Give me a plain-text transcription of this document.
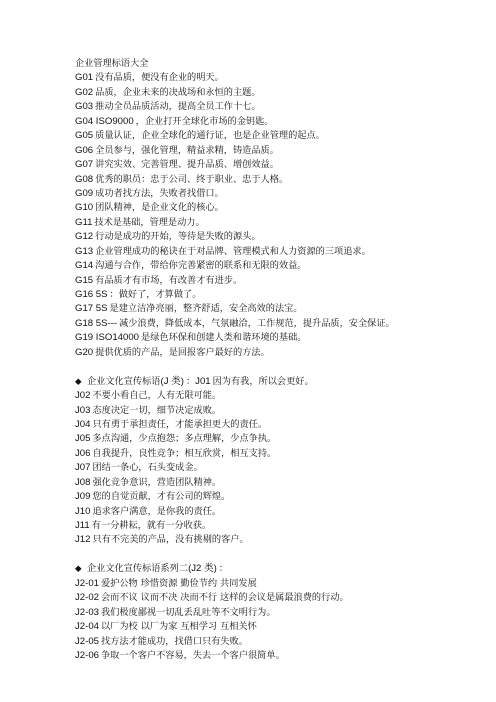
企业管理标语大全
G01 没有品质，便没有企业的明天。
G02 品质，企业未来的决战场和永恒的主题。
G03 推动全员品质活动，提高全员工作十七。
G04 ISO9000 ，企业打开全球化市场的金钥匙。
G05 质量认证，企业全球化的通行证，也是企业管理的起点。
G06 全员参与，强化管理，精益求精，铸造品质。
G07 讲究实效、完善管理、提升品质、增创效益。
G08 优秀的职员：忠于公司、终于职业、忠于人格。
G09 成功者找方法，失败者找借口。
G10 团队精神，是企业文化的核心。
G11 技术是基础，管理是动力。
G12 行动是成功的开始，等待是失败的源头。
G13 企业管理成功的秘诀在于对品牌、管理模式和人力资源的三项追求。
G14 沟通与合作，带给你完善紧密的联系和无限的效益。
G15 有品质才有市场，有改善才有进步。
G16 5S ：做好了，才算做了。
G17 5S 是建立洁净亮丽，整齐舒适，安全高效的法宝。
G18 5S--- 减少浪费，降低成本，气氛融洽，工作规范，提升品质，安全保证。
G19 ISO14000 是绿色环保和创建人类和谐环境的基础。
G20 提供优质的产品，是回报客户最好的方法。
◆ 企业文化宣传标语(J 类) ：J01 因为有我，所以会更好。
J02 不要小看自己，人有无限可能。
J03 态度决定一切，细节决定成败。
J04 只有勇于承担责任，才能承担更大的责任。
J05 多点沟通，少点抱怨；多点理解，少点争执。
J06 自我提升，良性竞争；相互欣赏，相互支持。
J07 团结一条心，石头变成金。
J08 强化竞争意识，营造团队精神。
J09 您的自觉贡献，才有公司的辉煌。
J10 追求客户满意，是你我的责任。
J11 有一分耕耘，就有一分收获。
J12 只有不完美的产品，没有挑剔的客户。
◆ 企业文化宣传标语系列二(J2 类) ：
J2-01 爱护公物 珍惜资源 勤俭节约 共同发展
J2-02 会而不议 议而不决 决而不行 这样的会议是属最浪费的行动。
J2-03 我们极度鄙视一切乱丢乱吐等不文明行为。
J2-04 以厂为校 以厂为家 互相学习 互相关怀
J2-05 找方法才能成功，找借口只有失败。
J2-06 争取一个客户不容易，失去一个客户很简单。
